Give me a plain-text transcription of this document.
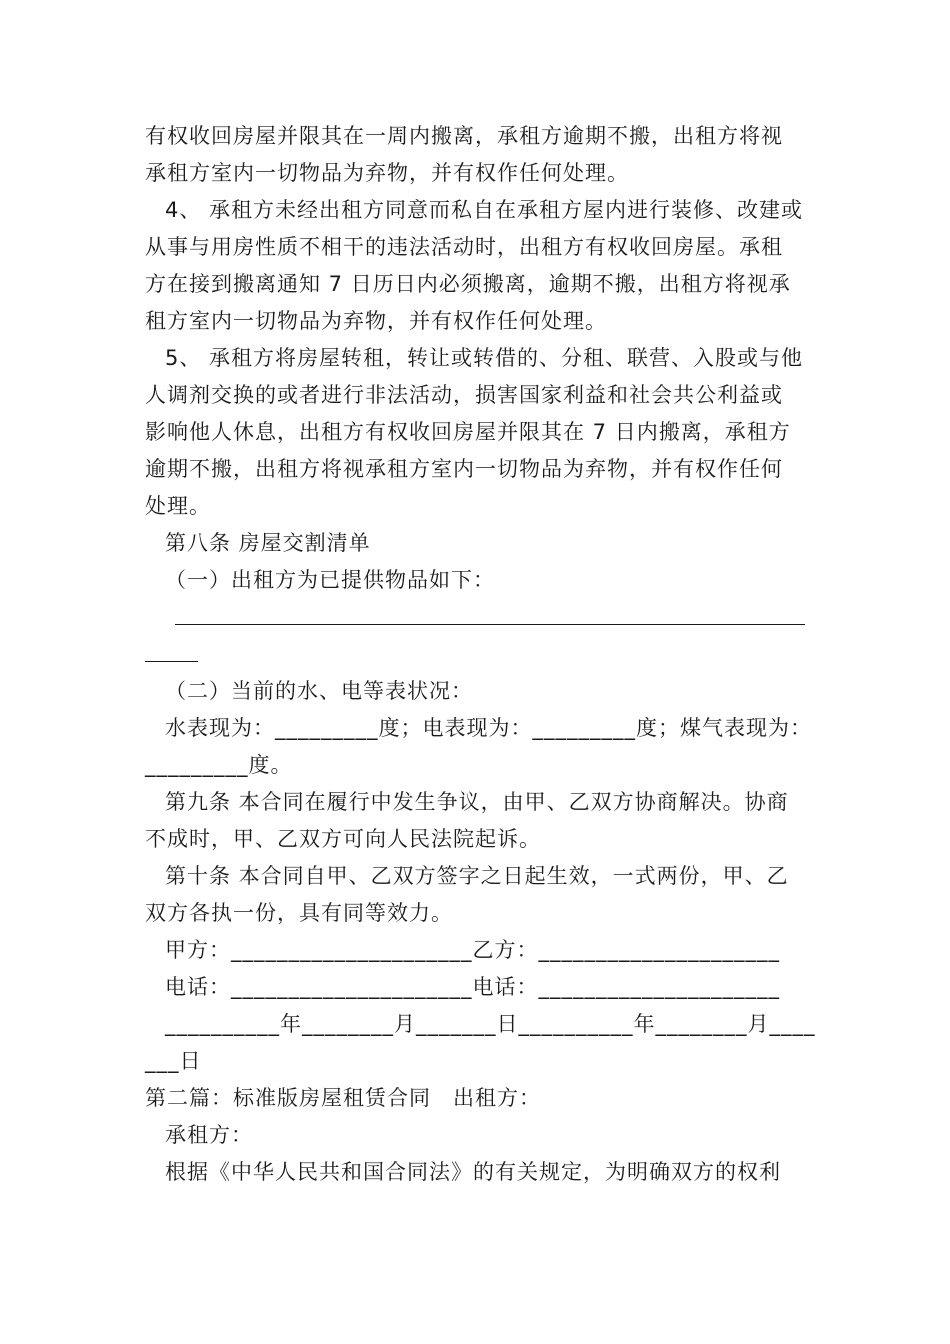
有权收回房屋并限其在一周内搬离，承租方逾期不搬，出租方将视
承租方室内一切物品为弃物，并有权作任何处理。
4、 承租方未经出租方同意而私自在承租方屋内进行装修、改建或
从事与用房性质不相干的违法活动时，出租方有权收回房屋。承租
方在接到搬离通知 7 日历日内必须搬离，逾期不搬，出租方将视承
租方室内一切物品为弃物，并有权作任何处理。
5、 承租方将房屋转租，转让或转借的、分租、联营、入股或与他
人调剂交换的或者进行非法活动，损害国家利益和社会共公利益或
影响他人休息，出租方有权收回房屋并限其在 7 日内搬离，承租方
逾期不搬，出租方将视承租方室内一切物品为弃物，并有权作任何
处理。
第八条 房屋交割清单
（一）出租方为已提供物品如下：
（二）当前的水、电等表状况：
水表现为：_________度；电表现为：_________度；煤气表现为：
_________度。
第九条 本合同在履行中发生争议，由甲、乙双方协商解决。协商
不成时，甲、乙双方可向人民法院起诉。
第十条 本合同自甲、乙双方签字之日起生效，一式两份，甲、乙
双方各执一份，具有同等效力。
甲方：_____________________乙方：_____________________
电话：_____________________电话：_____________________
__________年________月_______日__________年________月____
___日
第二篇：标准版房屋租赁合同　出租方：
承租方：
根据《中华人民共和国合同法》的有关规定，为明确双方的权利
